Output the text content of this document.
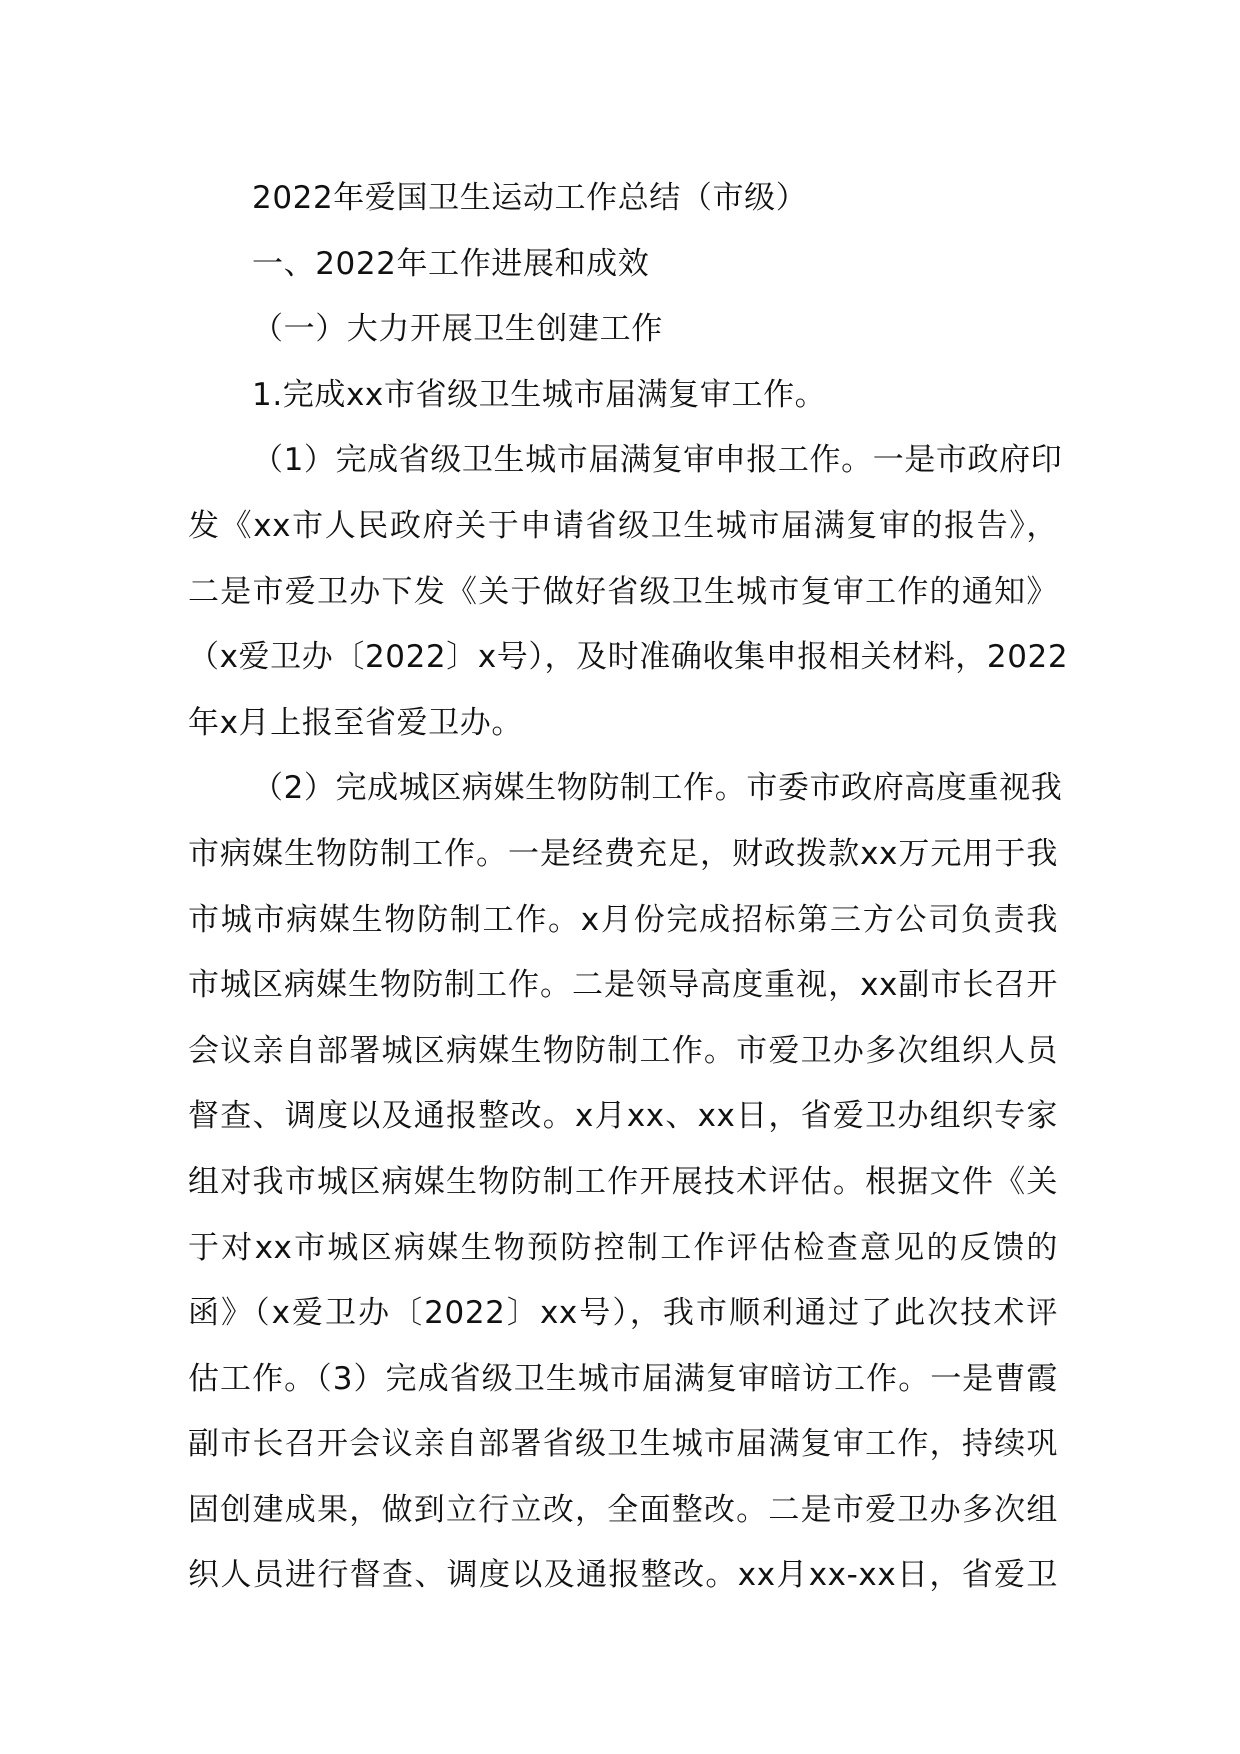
2022年爱国卫生运动工作总结（市级）
一、2022年工作进展和成效
（一）大力开展卫生创建工作
1.完成xx市省级卫生城市届满复审工作。
（1）完成省级卫生城市届满复审申报工作。一是市政府印
发《xx市人民政府关于申请省级卫生城市届满复审的报告》，
二是市爱卫办下发《关于做好省级卫生城市复审工作的通知》
（x爱卫办〔2022〕x号），及时准确收集申报相关材料，2022
年x月上报至省爱卫办。
（2）完成城区病媒生物防制工作。市委市政府高度重视我
市病媒生物防制工作。一是经费充足，财政拨款xx万元用于我
市城市病媒生物防制工作。x月份完成招标第三方公司负责我
市城区病媒生物防制工作。二是领导高度重视，xx副市长召开
会议亲自部署城区病媒生物防制工作。市爱卫办多次组织人员
督查、调度以及通报整改。x月xx、xx日，省爱卫办组织专家
组对我市城区病媒生物防制工作开展技术评估。根据文件《关
于对xx市城区病媒生物预防控制工作评估检查意见的反馈的
函》（x爱卫办〔2022〕xx号），我市顺利通过了此次技术评
估工作。（3）完成省级卫生城市届满复审暗访工作。一是曹霞
副市长召开会议亲自部署省级卫生城市届满复审工作，持续巩
固创建成果，做到立行立改，全面整改。二是市爱卫办多次组
织人员进行督查、调度以及通报整改。xx月xx-xx日，省爱卫
